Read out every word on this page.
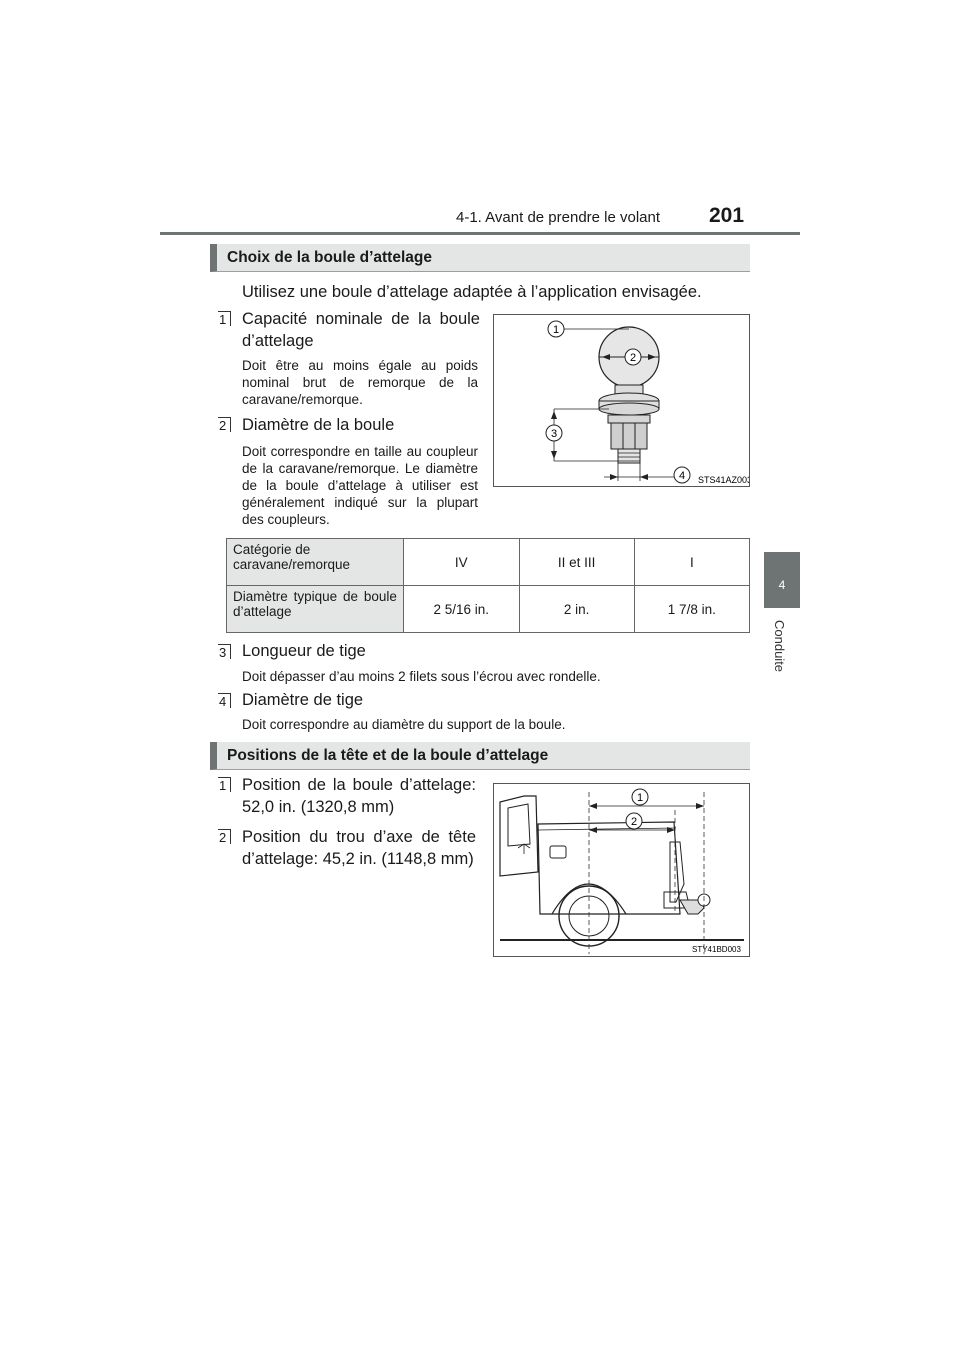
4-1. Avant de prendre le volant 201
4
Conduite
Choix de la boule d’attelage
Utilisez une boule d’attelage adaptée à l’application envisagée.
1 Capacité nominale de la boule
d’attelage
Doit être au moins égale au poids nominal brut de remorque de la caravane/remorque.
2 Diamètre de la boule
Doit correspondre en taille au coupleur de la caravane/remorque. Le diamètre de la boule d’attelage à utiliser est généralement indiqué sur la plupart des coupleurs.
1
2
3
4 STS41AZ003
Catégorie de caravane/remorque	IV	II et III	I
Diamètre typique de boule d’attelage	2 5/16 in.	2 in.	1 7/8 in.
3 Longueur de tige
Doit dépasser d’au moins 2 filets sous l’écrou avec rondelle.
4 Diamètre de tige
Doit correspondre au diamètre du support de la boule.
Positions de la tête et de la boule d’attelage
1 Position de la boule d’attelage:
52,0 in. (1320,8 mm)
2 Position du trou d’axe de tête
d’attelage: 45,2 in. (1148,8 mm)
1
2
STY41BD003
